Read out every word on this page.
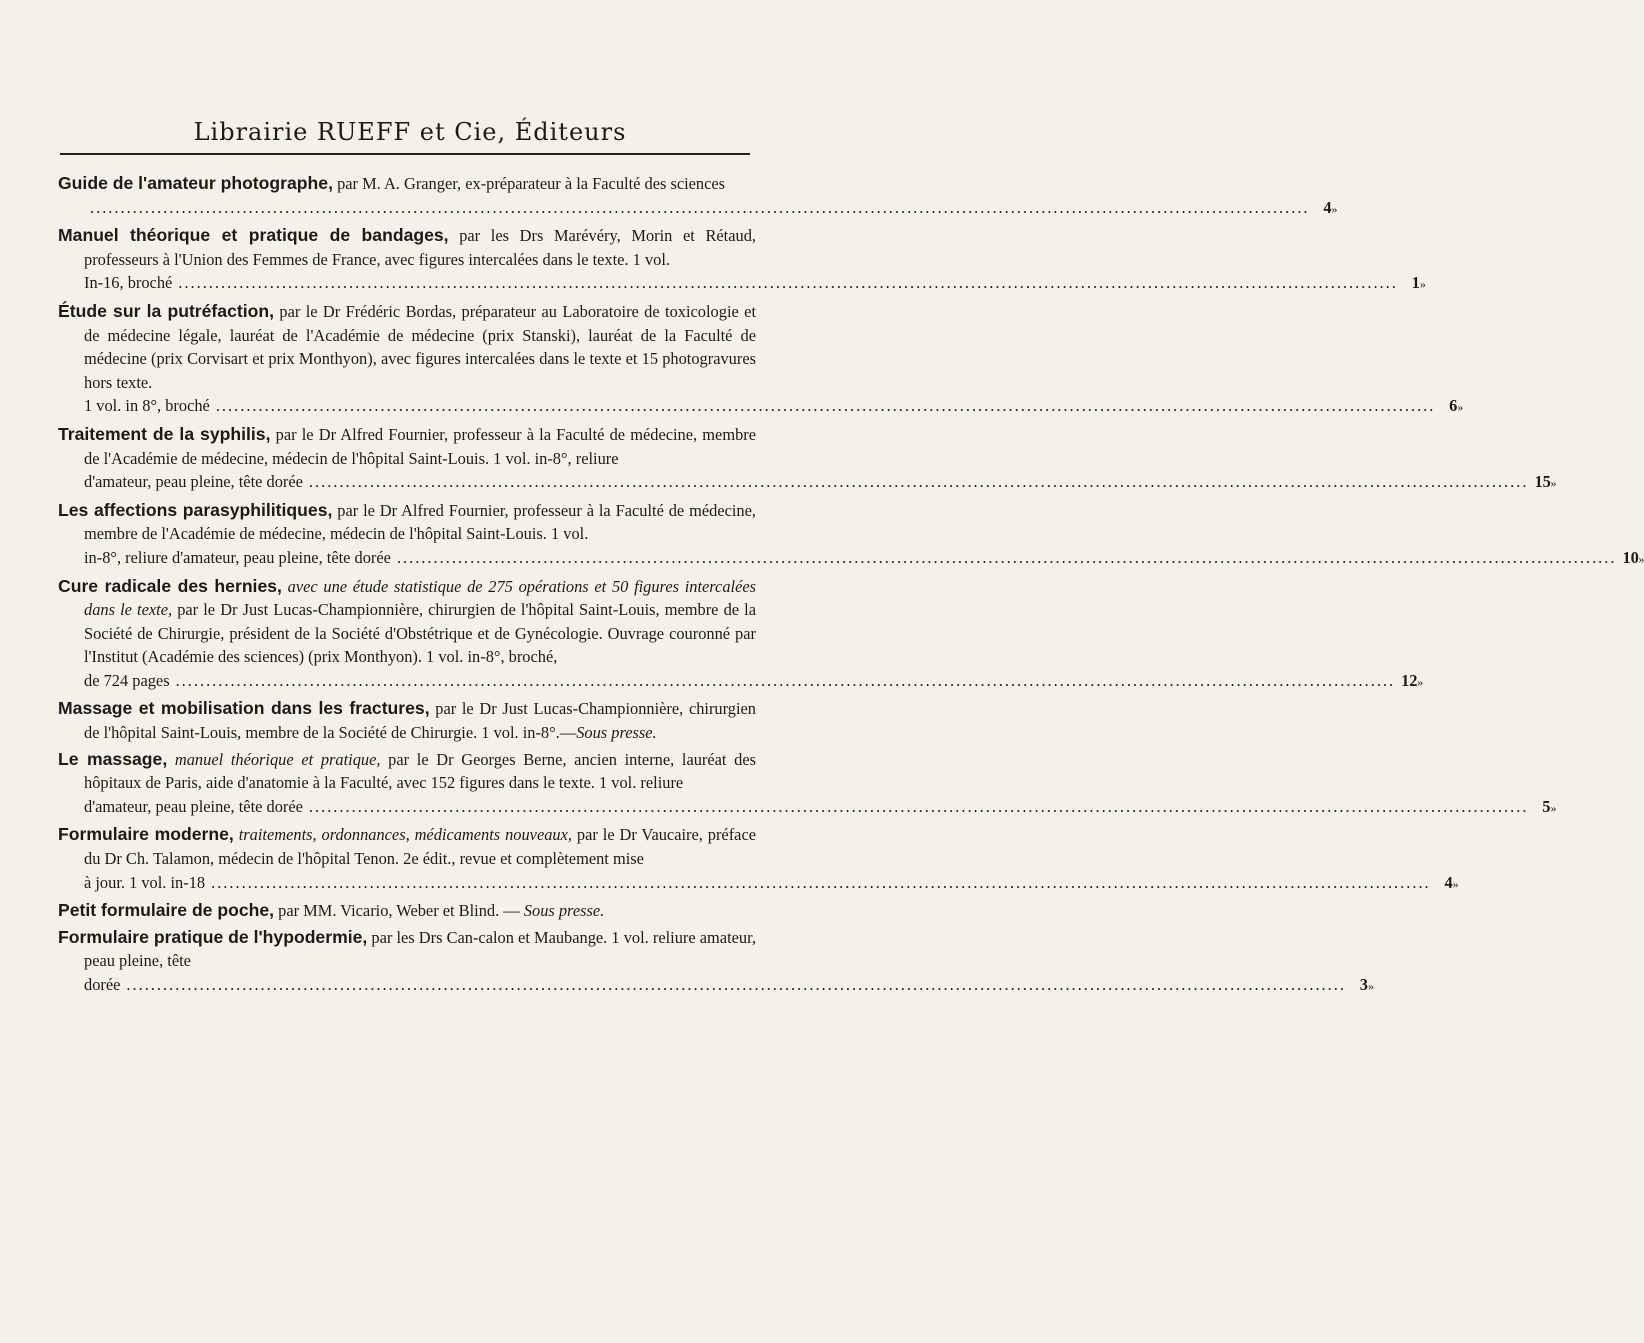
Librairie RUEFF et Cie, Éditeurs
Guide de l'amateur photographe, par M. A. Granger, ex-préparateur à la Faculté des sciences
........................................................................................................................................................................................................ 4 »
Manuel théorique et pratique de bandages, par les Drs Marévéry, Morin et Rétaud, professeurs à l'Union des Femmes de France, avec figures intercalées dans le texte. 1 vol.
In-16, broché ........................................................................................................................................................................................................ 1 »
Étude sur la putréfaction, par le Dr Frédéric Bordas, préparateur au Laboratoire de toxicologie et de médecine légale, lauréat de l'Académie de médecine (prix Stanski), lauréat de la Faculté de médecine (prix Corvisart et prix Monthyon), avec figures intercalées dans le texte et 15 photogravures hors texte.
1 vol. in 8°, broché ........................................................................................................................................................................................................ 6 »
Traitement de la syphilis, par le Dr Alfred Fournier, professeur à la Faculté de médecine, membre de l'Académie de médecine, médecin de l'hôpital Saint-Louis. 1 vol. in-8°, reliure
d'amateur, peau pleine, tête dorée ........................................................................................................................................................................................................ 15 »
Les affections parasyphilitiques, par le Dr Alfred Fournier, professeur à la Faculté de médecine, membre de l'Académie de médecine, médecin de l'hôpital Saint-Louis. 1 vol.
in-8°, reliure d'amateur, peau pleine, tête dorée ........................................................................................................................................................................................................ 10 »
Cure radicale des hernies, avec une étude statistique de 275 opérations et 50 figures intercalées dans le texte, par le Dr Just Lucas-Championnière, chirurgien de l'hôpital Saint-Louis, membre de la Société de Chirurgie, président de la Société d'Obstétrique et de Gynécologie. Ouvrage couronné par l'Institut (Académie des sciences) (prix Monthyon). 1 vol. in-8°, broché,
de 724 pages ........................................................................................................................................................................................................ 12 »
Massage et mobilisation dans les fractures, par le Dr Just Lucas-Championnière, chirurgien de l'hôpital Saint-Louis, membre de la Société de Chirurgie. 1 vol. in-8°.—Sous presse.
Le massage, manuel théorique et pratique, par le Dr Georges Berne, ancien interne, lauréat des hôpitaux de Paris, aide d'anatomie à la Faculté, avec 152 figures dans le texte. 1 vol. reliure
d'amateur, peau pleine, tête dorée ........................................................................................................................................................................................................ 5 »
Formulaire moderne, traitements, ordonnances, médicaments nouveaux, par le Dr Vaucaire, préface du Dr Ch. Talamon, médecin de l'hôpital Tenon. 2e édit., revue et complètement mise
à jour. 1 vol. in-18 ........................................................................................................................................................................................................ 4 »
Petit formulaire de poche, par MM. Vicario, Weber et Blind. — Sous presse.
Formulaire pratique de l'hypodermie, par les Drs Can-calon et Maubange. 1 vol. reliure amateur, peau pleine, tête
dorée ........................................................................................................................................................................................................ 3 »
